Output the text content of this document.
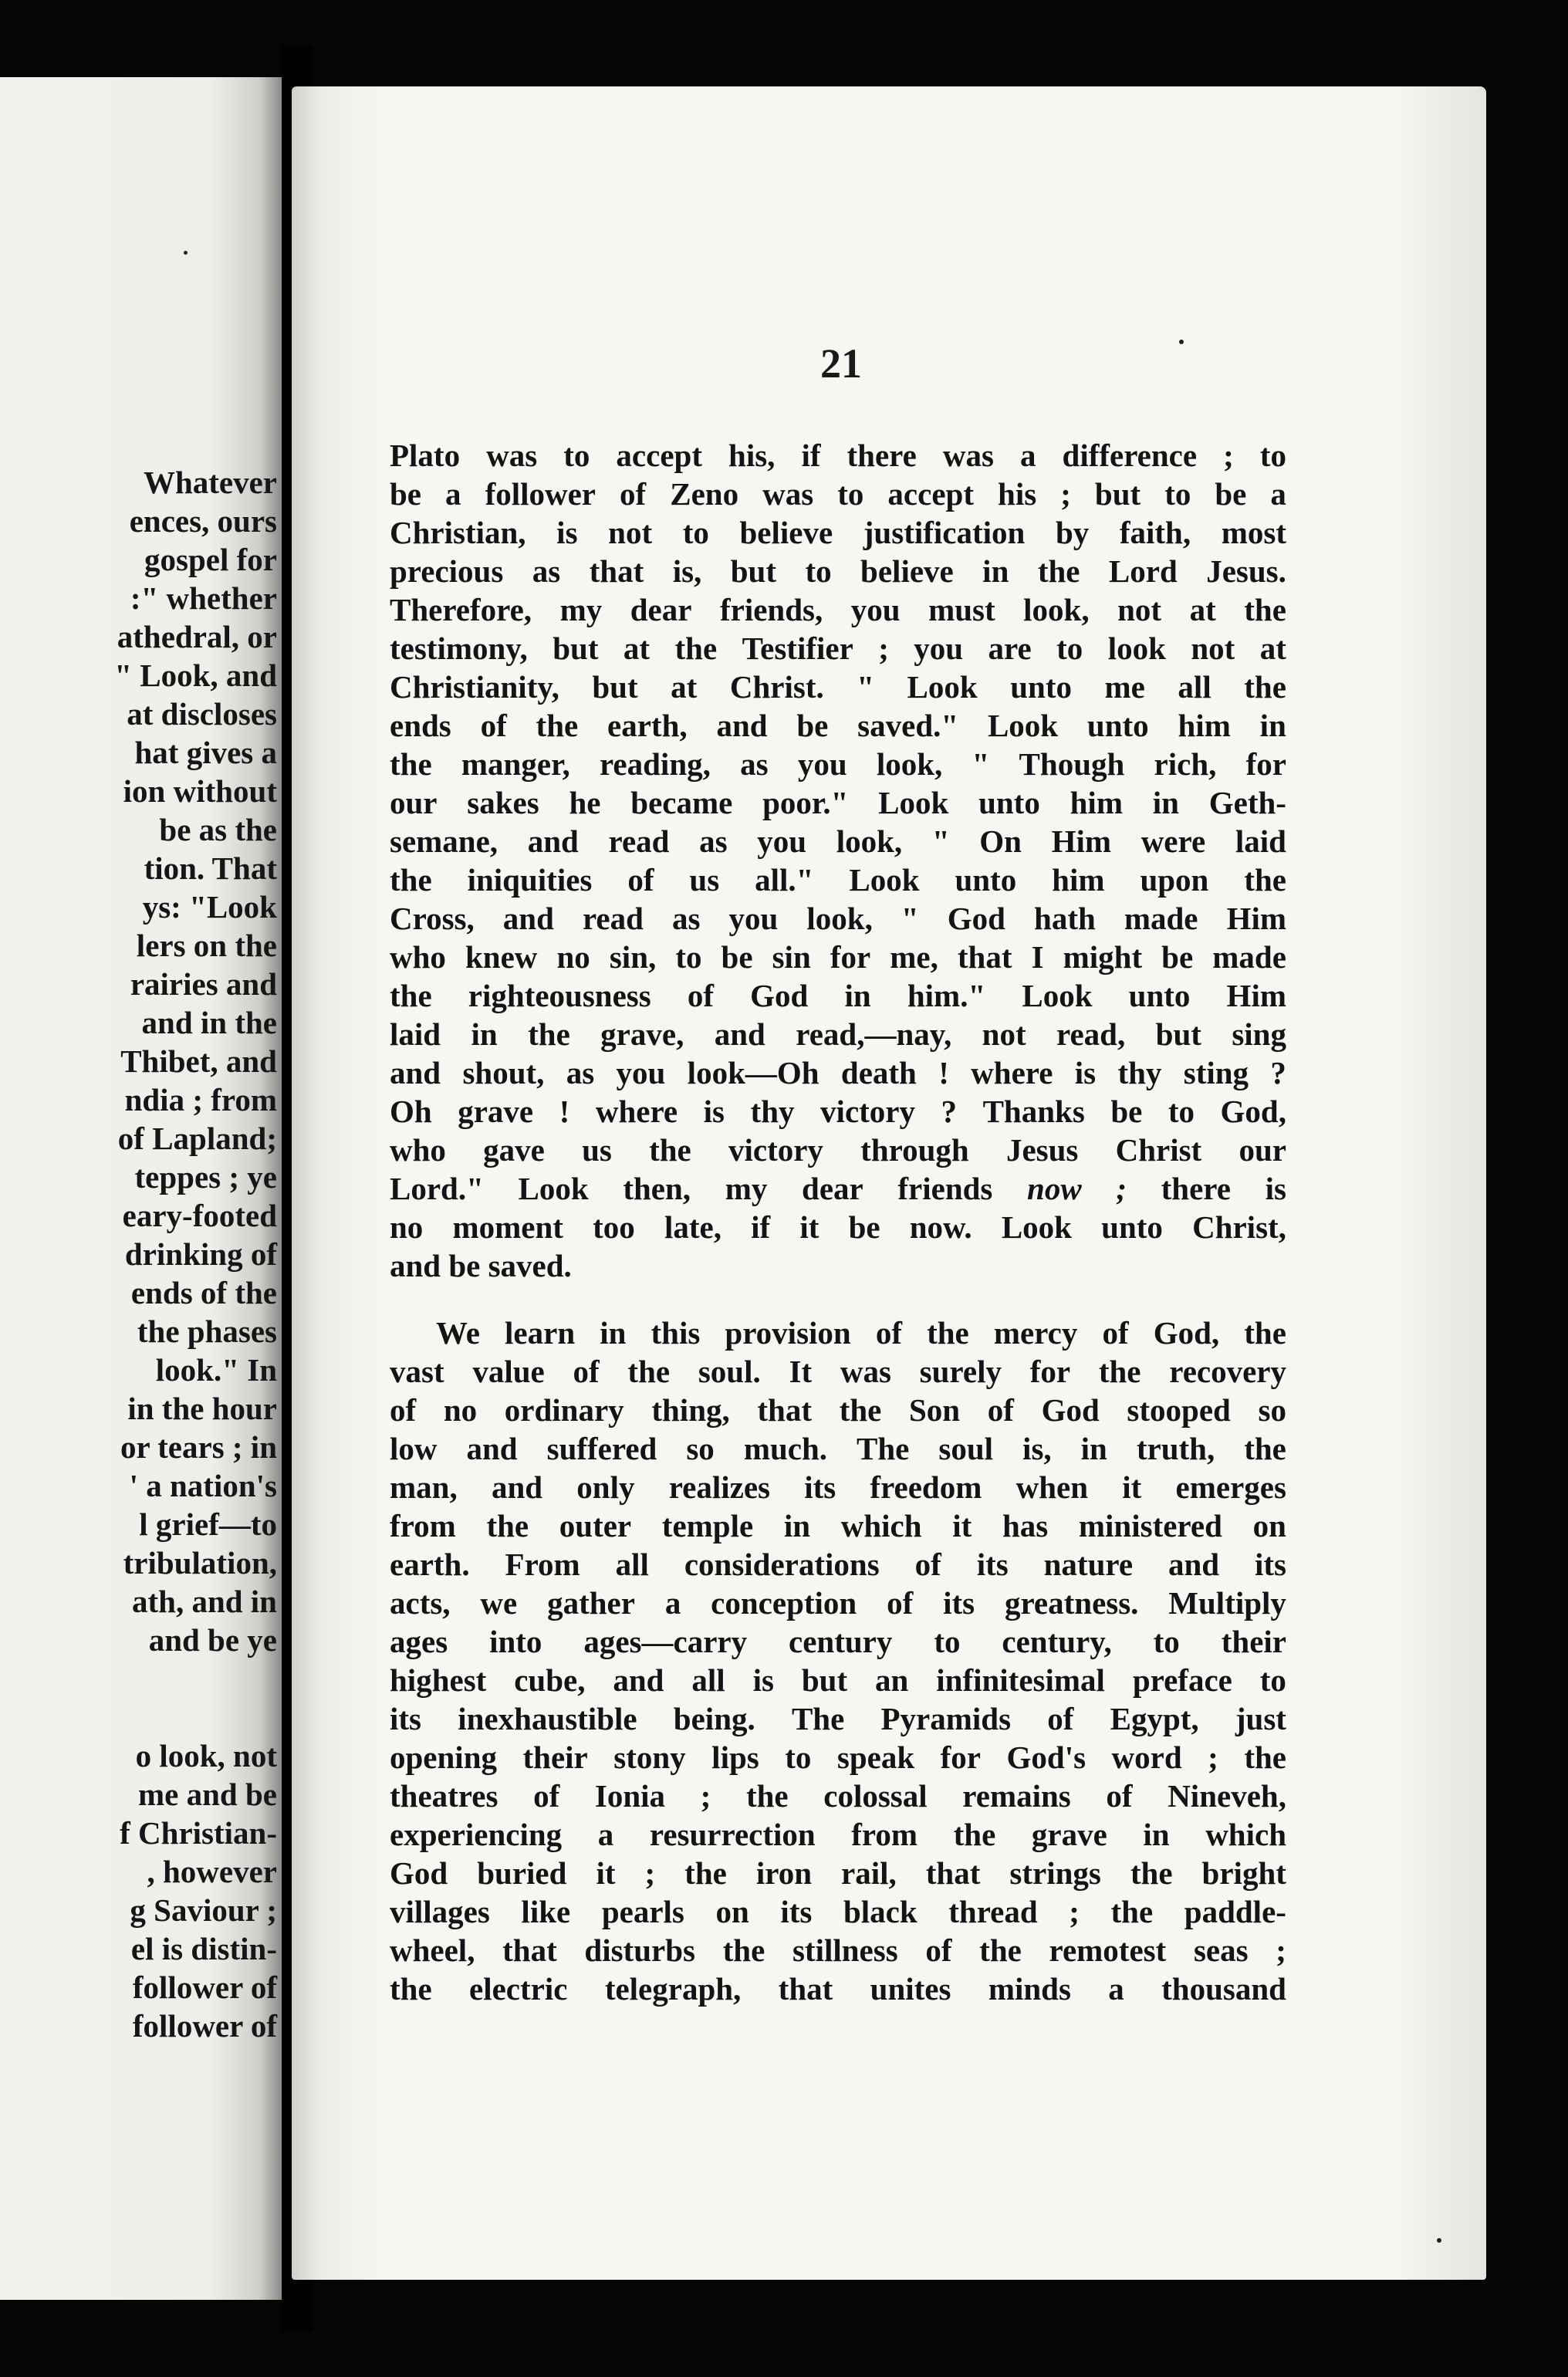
Whatever
ences, ours
gospel for
:" whether
athedral, or
" Look, and
at discloses
hat gives a
ion without
be as the
tion. That
ys: "Look
lers on the
rairies and
and in the
Thibet, and
ndia ; from
of Lapland;
teppes ; ye
eary-footed
drinking of
ends of the
the phases
look." In
in the hour
or tears ; in
' a nation's
l grief—to
tribulation,
ath, and in
and be ye
o look, not
me and be
f Christian-
, however
g Saviour ;
el is distin-
follower of
follower of
21
Plato was to accept his, if there was a difference ; to
be a follower of Zeno was to accept his ; but to be a
Christian, is not to believe justification by faith, most
precious as that is, but to believe in the Lord Jesus.
Therefore, my dear friends, you must look, not at the
testimony, but at the Testifier ; you are to look not at
Christianity, but at Christ. " Look unto me all the
ends of the earth, and be saved." Look unto him in
the manger, reading, as you look, " Though rich, for
our sakes he became poor." Look unto him in Geth-
semane, and read as you look, " On Him were laid
the iniquities of us all." Look unto him upon the
Cross, and read as you look, " God hath made Him
who knew no sin, to be sin for me, that I might be made
the righteousness of God in him." Look unto Him
laid in the grave, and read,—nay, not read, but sing
and shout, as you look—Oh death ! where is thy sting ?
Oh grave ! where is thy victory ? Thanks be to God,
who gave us the victory through Jesus Christ our
Lord." Look then, my dear friends now ; there is
no moment too late, if it be now. Look unto Christ,
and be saved.
We learn in this provision of the mercy of God, the
vast value of the soul. It was surely for the recovery
of no ordinary thing, that the Son of God stooped so
low and suffered so much. The soul is, in truth, the
man, and only realizes its freedom when it emerges
from the outer temple in which it has ministered on
earth. From all considerations of its nature and its
acts, we gather a conception of its greatness. Multiply
ages into ages—carry century to century, to their
highest cube, and all is but an infinitesimal preface to
its inexhaustible being. The Pyramids of Egypt, just
opening their stony lips to speak for God's word ; the
theatres of Ionia ; the colossal remains of Nineveh,
experiencing a resurrection from the grave in which
God buried it ; the iron rail, that strings the bright
villages like pearls on its black thread ; the paddle-
wheel, that disturbs the stillness of the remotest seas ;
the electric telegraph, that unites minds a thousand
